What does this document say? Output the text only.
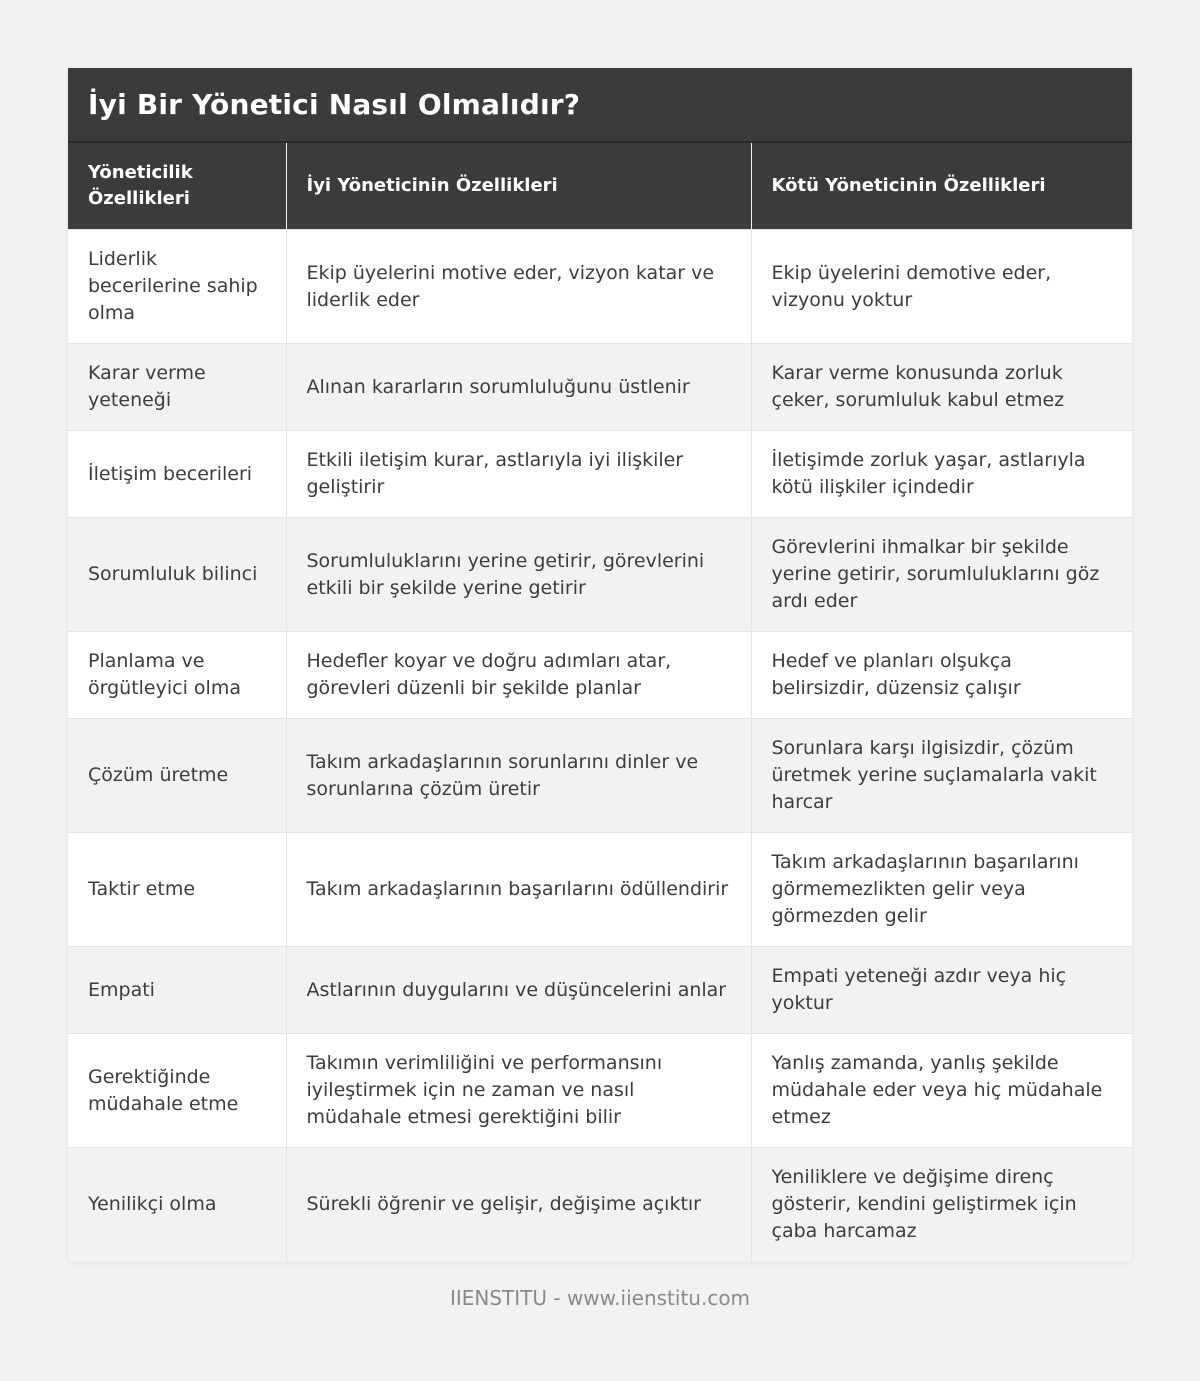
İyi Bir Yönetici Nasıl Olmalıdır?
Yöneticilik Özellikleri	İyi Yöneticinin Özellikleri	Kötü Yöneticinin Özellikleri
Liderlik becerilerine sahip olma	Ekip üyelerini motive eder, vizyon katar ve liderlik eder	Ekip üyelerini demotive eder, vizyonu yoktur
Karar verme yeteneği	Alınan kararların sorumluluğunu üstlenir	Karar verme konusunda zorluk çeker, sorumluluk kabul etmez
İletişim becerileri	Etkili iletişim kurar, astlarıyla iyi ilişkiler geliştirir	İletişimde zorluk yaşar, astlarıyla kötü ilişkiler içindedir
Sorumluluk bilinci	Sorumluluklarını yerine getirir, görevlerini etkili bir şekilde yerine getirir	Görevlerini ihmalkar bir şekilde yerine getirir, sorumluluklarını göz ardı eder
Planlama ve örgütleyici olma	Hedefler koyar ve doğru adımları atar, görevleri düzenli bir şekilde planlar	Hedef ve planları olşukça belirsizdir, düzensiz çalışır
Çözüm üretme	Takım arkadaşlarının sorunlarını dinler ve sorunlarına çözüm üretir	Sorunlara karşı ilgisizdir, çözüm üretmek yerine suçlamalarla vakit harcar
Taktir etme	Takım arkadaşlarının başarılarını ödüllendirir	Takım arkadaşlarının başarılarını görmemezlikten gelir veya görmezden gelir
Empati	Astlarının duygularını ve düşüncelerini anlar	Empati yeteneği azdır veya hiç yoktur
Gerektiğinde müdahale etme	Takımın verimliliğini ve performansını iyileştirmek için ne zaman ve nasıl müdahale etmesi gerektiğini bilir	Yanlış zamanda, yanlış şekilde müdahale eder veya hiç müdahale etmez
Yenilikçi olma	Sürekli öğrenir ve gelişir, değişime açıktır	Yeniliklere ve değişime direnç gösterir, kendini geliştirmek için çaba harcamaz
IIENSTITU - www.iienstitu.com
